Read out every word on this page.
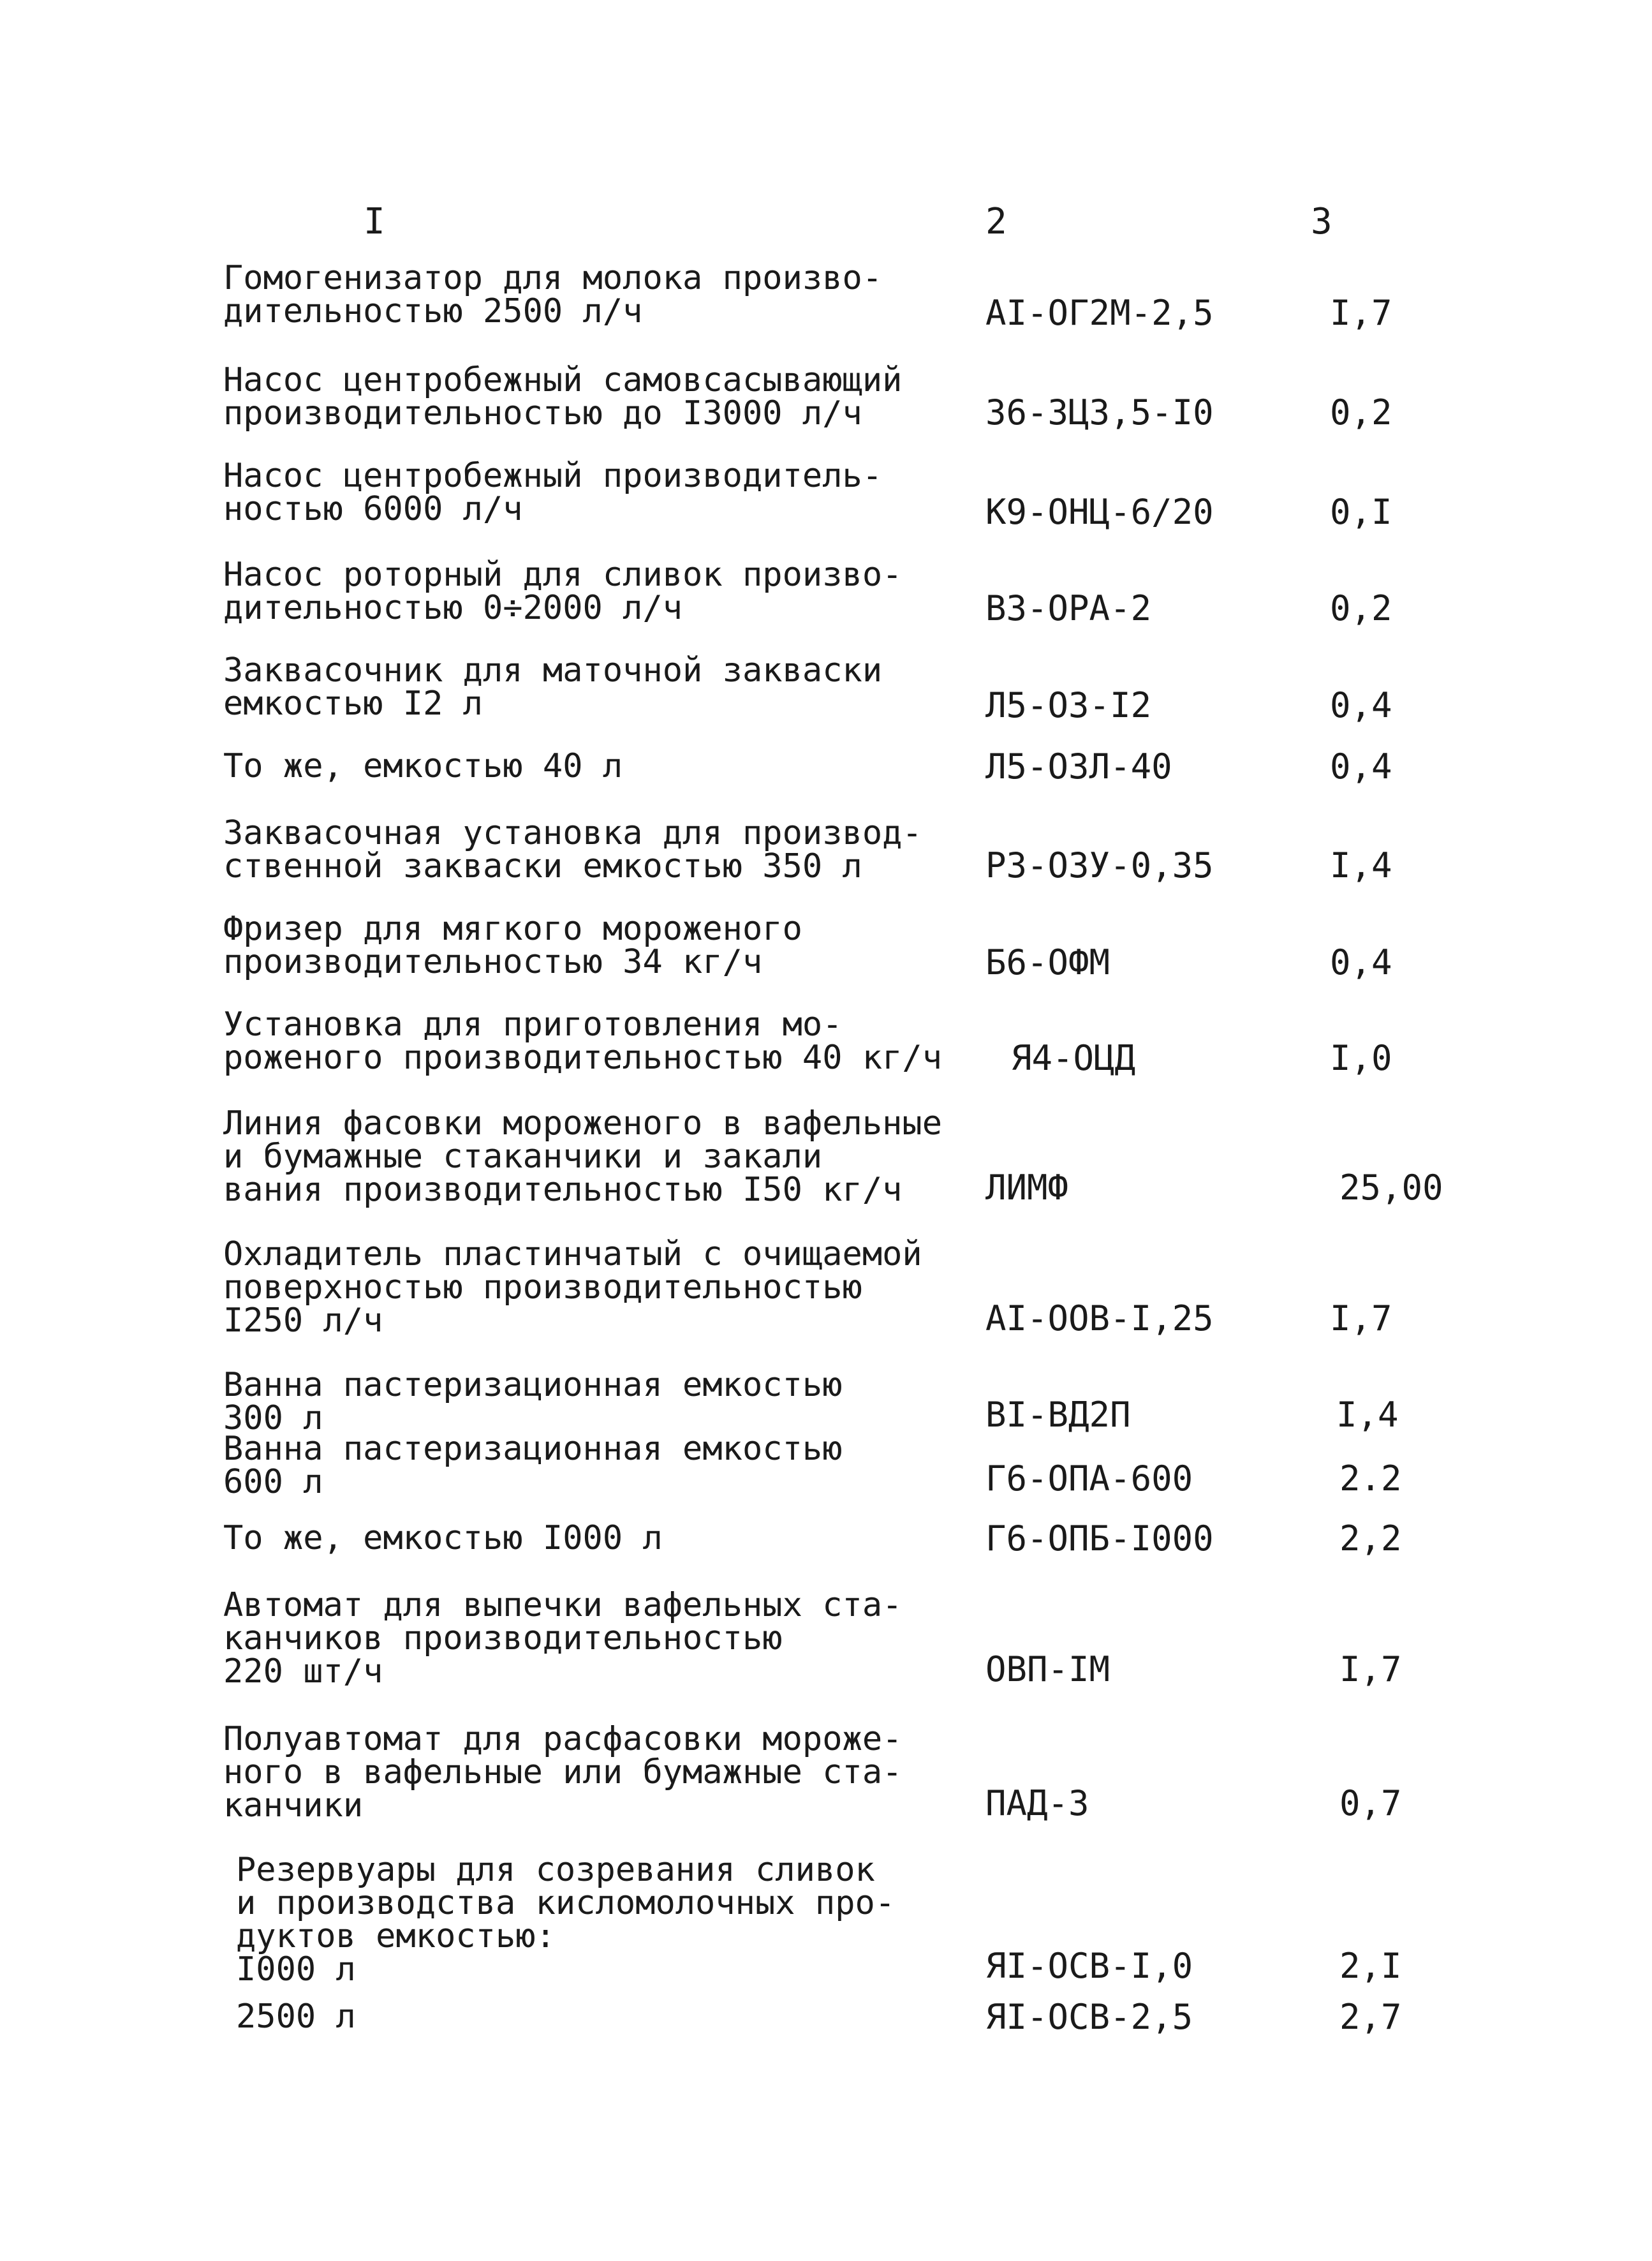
I	2	3
Гомогенизатор для молока произво-
дительностью 2500 л/ч	AI-ОГ2М-2,5	I,7
Насос центробежный самовсасывающий
производительностью до I3000 л/ч	36-3Ц3,5-I0	0,2
Насос центробежный производитель-
ностью 6000 л/ч	К9-ОНЦ-6/20	0,I
Насос роторный для сливок произво-
дительностью 0÷2000 л/ч	В3-ОРА-2	0,2
Заквасочник для маточной закваски
емкостью I2 л	Л5-ОЗ-I2	0,4
То же, емкостью 40 л	Л5-ОЗЛ-40	0,4
Заквасочная установка для производ-
ственной закваски емкостью 350 л	Р3-ОЗУ-0,35	I,4
Фризер для мягкого мороженого
производительностью 34 кг/ч	Б6-ОФМ	0,4
Установка для приготовления мо-
роженого производительностью 40 кг/ч	Я4-ОЦД	I,0
Линия фасовки мороженого в вафельные
и бумажные стаканчики и закали
вания производительностью I50 кг/ч	ЛИМФ	25,00
Охладитель пластинчатый с очищаемой
поверхностью производительностью
I250 л/ч	AI-ООВ-I,25	I,7
Ванна пастеризационная емкостью
300 л	ВI-ВД2П	I,4
Ванна пастеризационная емкостью
600 л	Г6-ОПА-600	2.2
То же, емкостью I000 л	Г6-ОПБ-I000	2,2
Автомат для выпечки вафельных ста-
канчиков производительностью
220 шт/ч	ОВП-IМ	I,7
Полуавтомат для расфасовки мороже-
ного в вафельные или бумажные ста-
канчики	ПАД-3	0,7
Резервуары для созревания сливок
и производства кисломолочных про-
дуктов емкостью:
I000 л	ЯI-ОСВ-I,0	2,I
2500 л	ЯI-ОСВ-2,5	2,7
